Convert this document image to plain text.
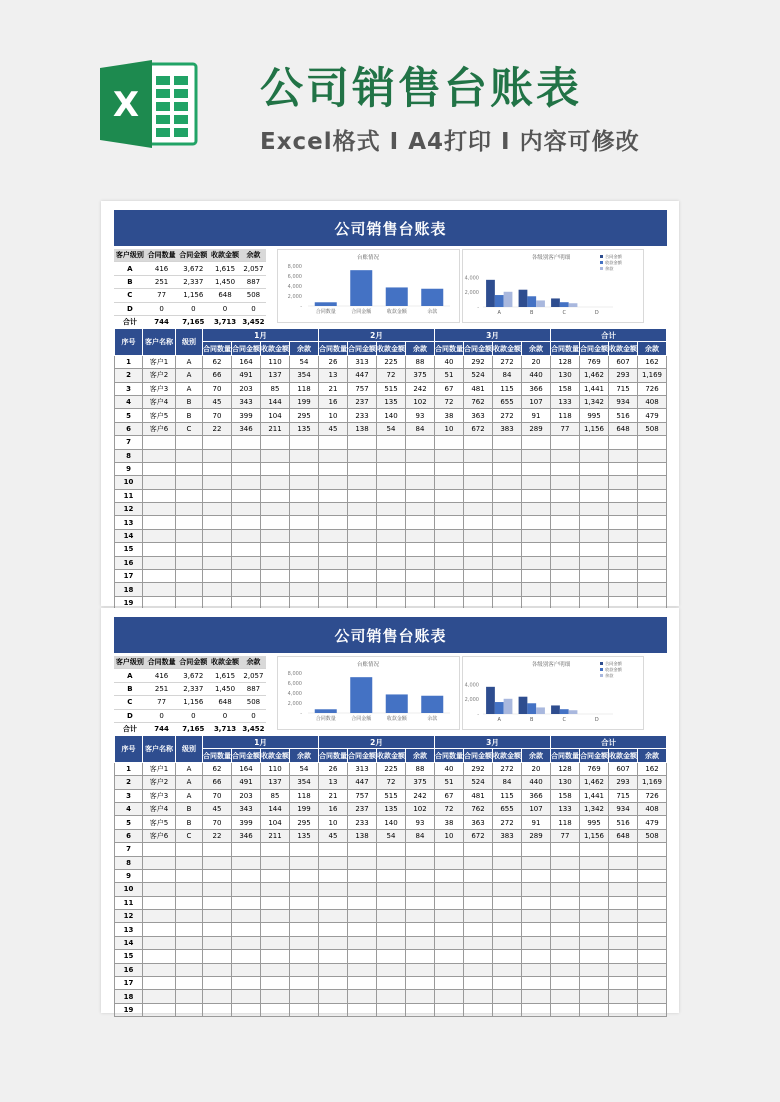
X	公司销售台账表
Excel格式 I A4打印 I 内容可修改
公司销售台账表
客户级别	合同数量	合同金额	收款金额	余款
A	416	3,672	1,615	2,057
B	251	2,337	1,450	887
C	77	1,156	648	508
D	0	0	0	0
合计	744	7,165	3,713	3,452
台账情况
8,000
6,000
4,000
2,000
-
合同数量	合同金额	收款金额	余款
各级别客户明细
4,000
2,000
-
A	B	C	D
合同金额
收款金额
余款
序号	客户名称	级别	1月				2月				3月				合计			
			合同数量	合同金额	收款金额	余款	合同数量	合同金额	收款金额	余款	合同数量	合同金额	收款金额	余款	合同数量	合同金额	收款金额	余款
1	客户1	A	62	164	110	54	26	313	225	88	40	292	272	20	128	769	607	162
2	客户2	A	66	491	137	354	13	447	72	375	51	524	84	440	130	1,462	293	1,169
3	客户3	A	70	203	85	118	21	757	515	242	67	481	115	366	158	1,441	715	726
4	客户4	B	45	343	144	199	16	237	135	102	72	762	655	107	133	1,342	934	408
5	客户5	B	70	399	104	295	10	233	140	93	38	363	272	91	118	995	516	479
6	客户6	C	22	346	211	135	45	138	54	84	10	672	383	289	77	1,156	648	508
7																		
8																		
9																		
10																		
11																		
12																		
13																		
14																		
15																		
16																		
17																		
18																		
19																		
公司销售台账表
客户级别	合同数量	合同金额	收款金额	余款
A	416	3,672	1,615	2,057
B	251	2,337	1,450	887
C	77	1,156	648	508
D	0	0	0	0
合计	744	7,165	3,713	3,452
台账情况
8,000
6,000
4,000
2,000
-
合同数量	合同金额	收款金额	余款
各级别客户明细
4,000
2,000
-
A	B	C	D
合同金额
收款金额
余款
序号	客户名称	级别	1月				2月				3月				合计			
			合同数量	合同金额	收款金额	余款	合同数量	合同金额	收款金额	余款	合同数量	合同金额	收款金额	余款	合同数量	合同金额	收款金额	余款
1	客户1	A	62	164	110	54	26	313	225	88	40	292	272	20	128	769	607	162
2	客户2	A	66	491	137	354	13	447	72	375	51	524	84	440	130	1,462	293	1,169
3	客户3	A	70	203	85	118	21	757	515	242	67	481	115	366	158	1,441	715	726
4	客户4	B	45	343	144	199	16	237	135	102	72	762	655	107	133	1,342	934	408
5	客户5	B	70	399	104	295	10	233	140	93	38	363	272	91	118	995	516	479
6	客户6	C	22	346	211	135	45	138	54	84	10	672	383	289	77	1,156	648	508
7																		
8																		
9																		
10																		
11																		
12																		
13																		
14																		
15																		
16																		
17																		
18																		
19																		
